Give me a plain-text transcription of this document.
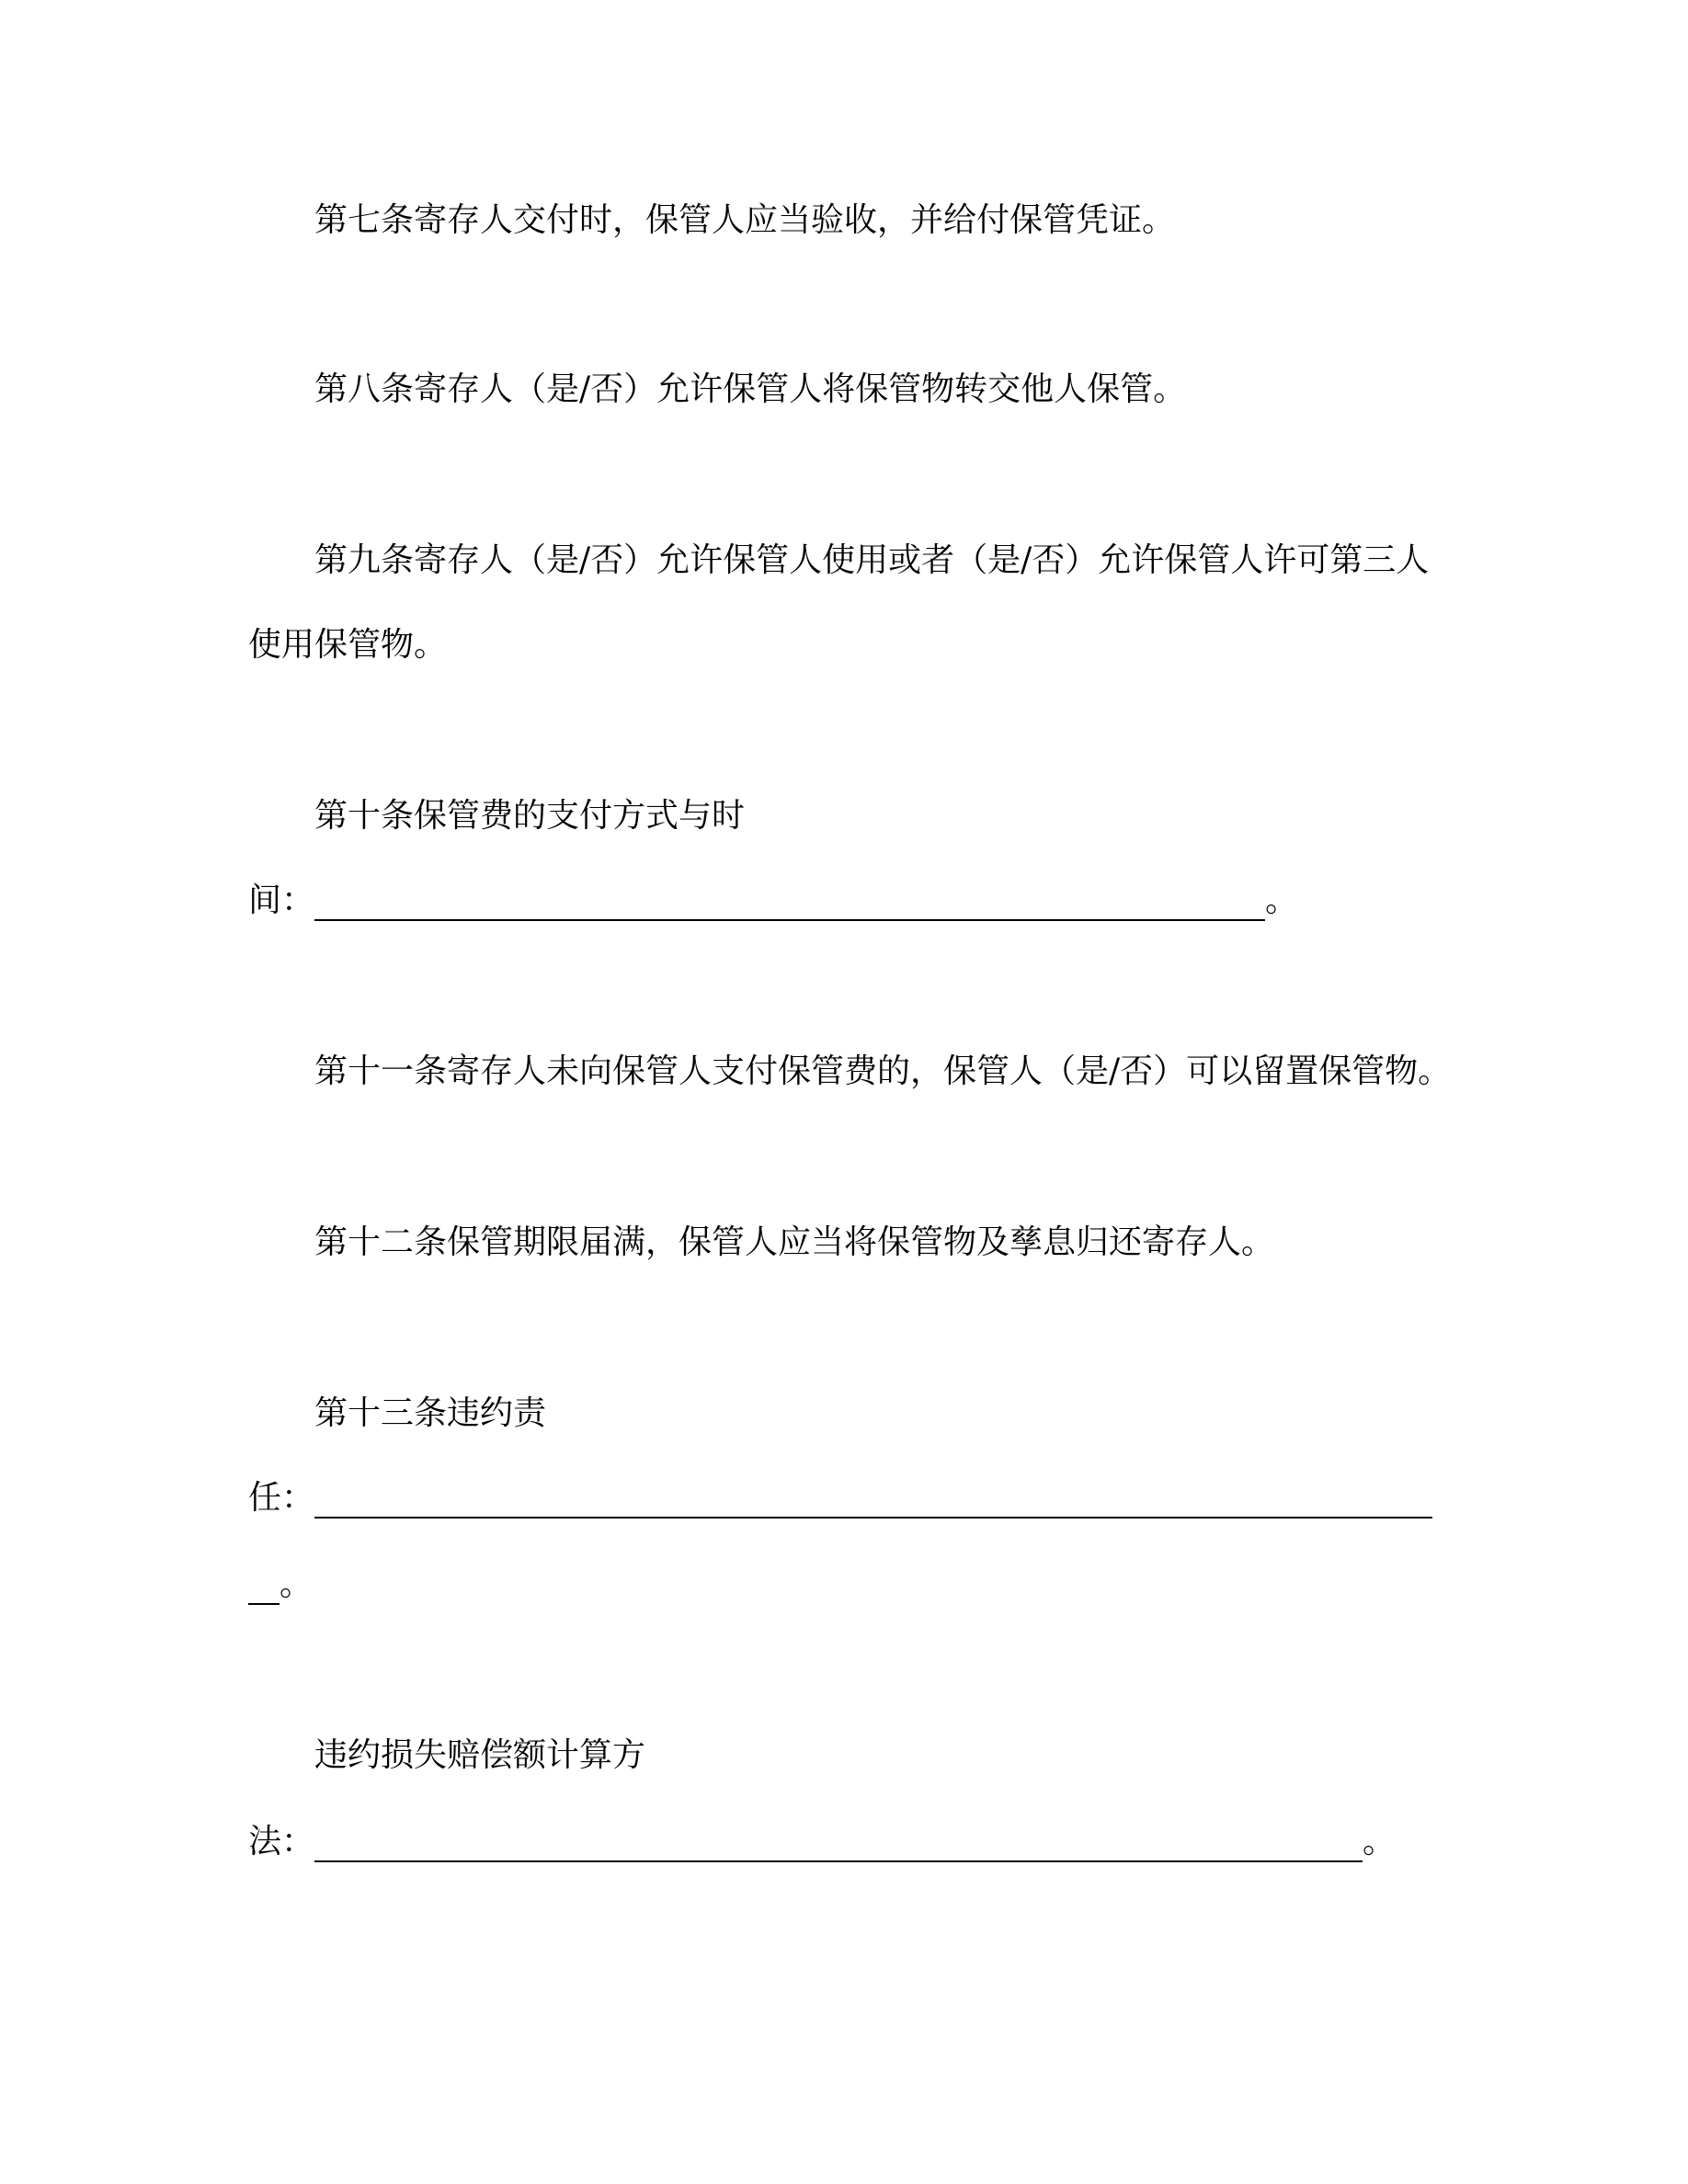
第七条寄存人交付时，保管人应当验收，并给付保管凭证。
第八条寄存人（是/否）允许保管人将保管物转交他人保管。
第九条寄存人（是/否）允许保管人使用或者（是/否）允许保管人许可第三人
使用保管物。
第十条保管费的支付方式与时
间：	。
第十一条寄存人未向保管人支付保管费的，保管人（是/否）可以留置保管物。
第十二条保管期限届满，保管人应当将保管物及孳息归还寄存人。
第十三条违约责
任：
。
违约损失赔偿额计算方
法：	。
